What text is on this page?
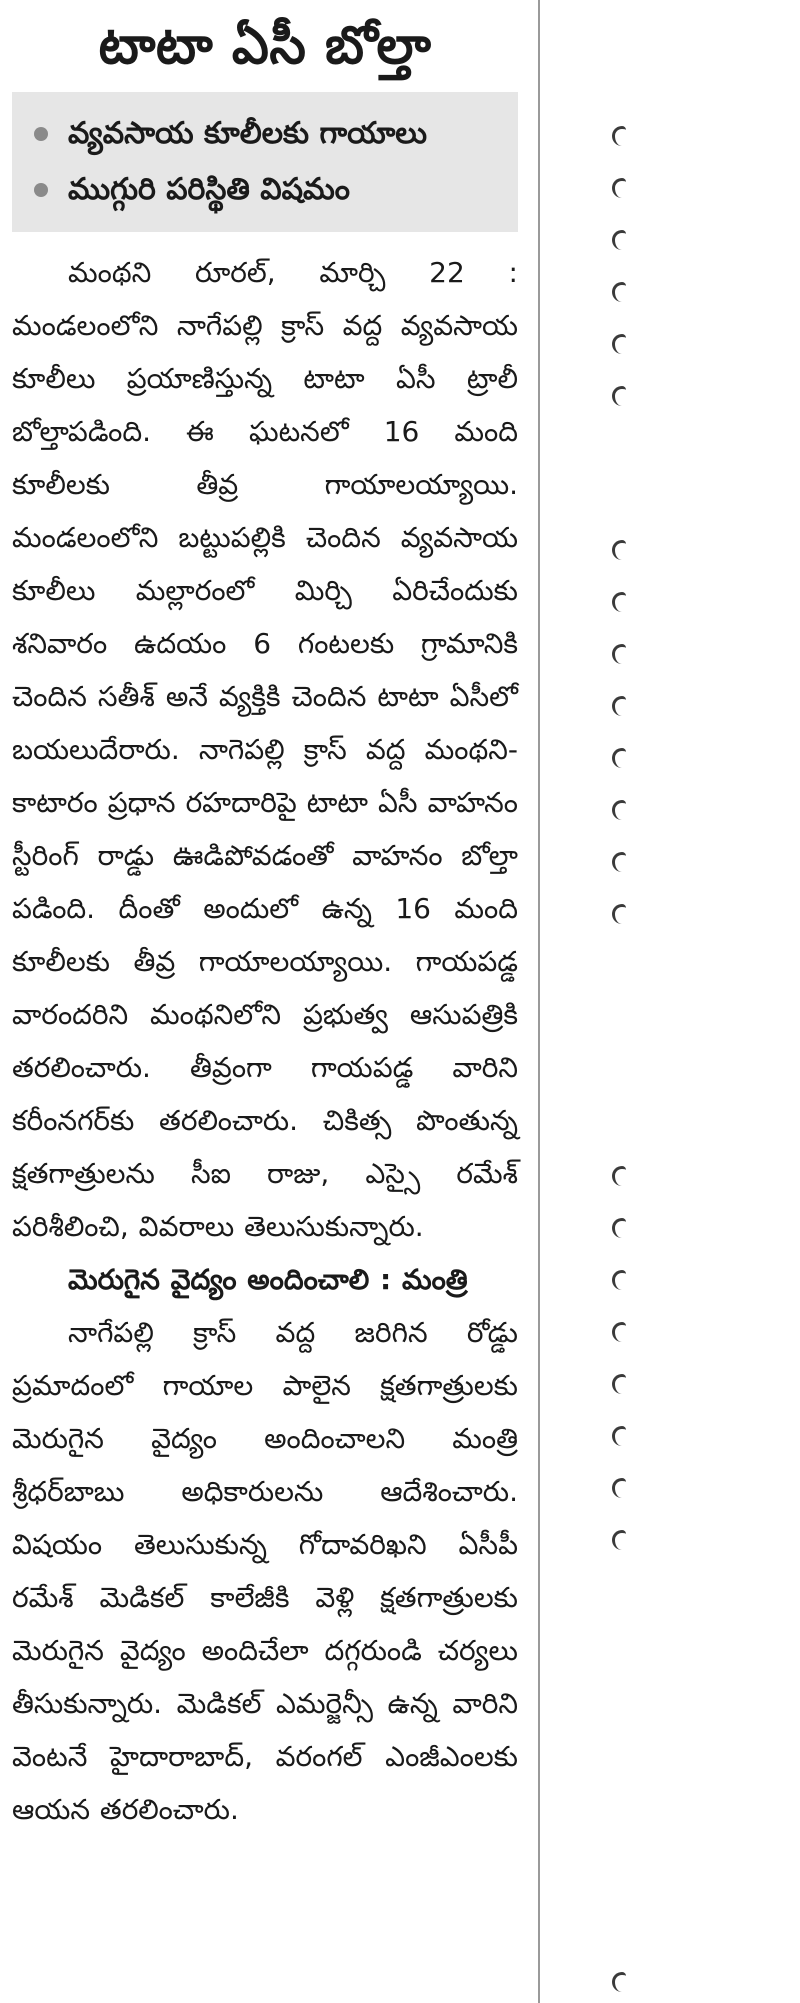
టాటా ఏసీ బోల్తా
వ్యవసాయ కూలీలకు గాయాలు
ముగ్గురి పరిస్థితి విషమం

మంథని రూరల్‌, మార్చి 22 : మండలంలోని నాగేపల్లి క్రాస్‌ వద్ద వ్యవసాయ కూలీలు ప్రయాణిస్తున్న టాటా ఏసీ ట్రాలీ బోల్తాపడింది. ఈ ఘటనలో 16 మంది కూలీలకు తీవ్ర గాయాలయ్యాయి. మండలంలోని బట్టుపల్లికి చెందిన వ్యవసాయ కూలీలు మల్లారంలో మిర్చి ఏరిచేందుకు శనివారం ఉదయం 6 గంటలకు గ్రామానికి చెందిన సతీశ్‌ అనే వ్యక్తికి చెందిన టాటా ఏసీలో బయలుదేరారు. నాగెపల్లి క్రాస్‌ వద్ద మంథని- కాటారం ప్రధాన రహదారిపై టాటా ఏసీ వాహనం స్టీరింగ్‌ రాడ్డు ఊడిపోవడంతో వాహనం బోల్తా పడింది. దీంతో అందులో ఉన్న 16 మంది కూలీలకు తీవ్ర గాయాలయ్యాయి. గాయపడ్డ వారందరిని మంథనిలోని ప్రభుత్వ ఆసుపత్రికి తరలించారు. తీవ్రంగా గాయపడ్డ వారిని కరీంనగర్‌కు తరలించారు. చికిత్స పొంతున్న క్షతగాత్రులను సీఐ రాజు, ఎస్సై రమేశ్‌ పరిశీలించి, వివరాలు తెలుసుకున్నారు.

మెరుగైన వైద్యం అందించాలి : మంత్రి

నాగేపల్లి క్రాస్‌ వద్ద జరిగిన రోడ్డు ప్రమాదంలో గాయాల పాలైన క్షతగాత్రులకు మెరుగైన వైద్యం అందించాలని మంత్రి శ్రీధర్‌బాబు అధికారులను ఆదేశించారు. విషయం తెలుసుకున్న గోదావరిఖని ఏసీపీ రమేశ్‌ మెడికల్‌ కాలేజీకి వెళ్లి క్షతగాత్రులకు మెరుగైన వైద్యం అందిచేలా దగ్గరుండి చర్యలు తీసుకున్నారు. మెడికల్‌ ఎమర్జెన్సీ ఉన్న వారిని వెంటనే హైదారాబాద్‌, వరంగల్‌ ఎంజీఎంలకు ఆయన తరలించారు.
